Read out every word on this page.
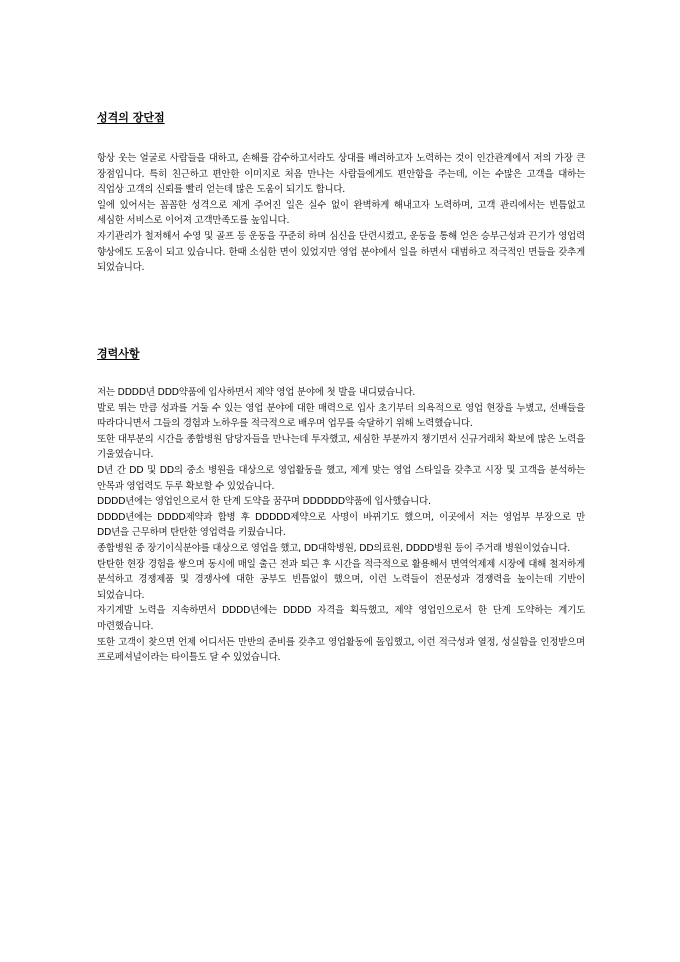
성격의 장단점

항상 웃는 얼굴로 사람들을 대하고, 손해를 감수하고서라도 상대를 배려하고자 노력하는 것이 인간관계에서 저의 가장 큰 장점입니다. 특히 친근하고 편안한 이미지로 처음 만나는 사람들에게도 편안함을 주는데, 이는 수많은 고객을 대하는 직업상 고객의 신뢰를 빨리 얻는데 많은 도움이 되기도 합니다.

일에 있어서는 꼼꼼한 성격으로 제게 주어진 일은 실수 없이 완벽하게 해내고자 노력하며, 고객 관리에서는 빈틈없고 세심한 서비스로 이어져 고객만족도를 높입니다.

자기관리가 철저해서 수영 및 골프 등 운동을 꾸준히 하며 심신을 단련시켰고, 운동을 통해 얻은 승부근성과 끈기가 영업력 향상에도 도움이 되고 있습니다. 한때 소심한 면이 있었지만 영업 분야에서 일을 하면서 대범하고 적극적인 면들을 갖추게 되었습니다.

경력사항

저는 DDDD년 DDD약품에 입사하면서 제약 영업 분야에 첫 발을 내디뎠습니다.

발로 뛰는 만큼 성과를 거둘 수 있는 영업 분야에 대한 매력으로 입사 초기부터 의욕적으로 영업 현장을 누볐고, 선배들을 따라다니면서 그들의 경험과 노하우를 적극적으로 배우며 업무를 숙달하기 위해 노력했습니다.

또한 대부분의 시간을 종합병원 담당자들을 만나는데 투자했고, 세심한 부분까지 챙기면서 신규거래처 확보에 많은 노력을 기울였습니다.

D년 간 DD 및 DD의 중소 병원을 대상으로 영업활동을 했고, 제게 맞는 영업 스타일을 갖추고 시장 및 고객을 분석하는 안목과 영업력도 두루 확보할 수 있었습니다.

DDDD년에는 영업인으로서 한 단계 도약을 꿈꾸며 DDDDDD약품에 입사했습니다.

DDDD년에는 DDDD제약과 합병 후 DDDDD제약으로 사명이 바뀌기도 했으며, 이곳에서 저는 영업부 부장으로 만 DD년을 근무하며 탄탄한 영업력을 키웠습니다.

종합병원 중 장기이식분야를 대상으로 영업을 했고, DD대학병원, DD의료원, DDDD병원 등이 주거래 병원이었습니다.

탄탄한 현장 경험을 쌓으며 동시에 매일 출근 전과 퇴근 후 시간을 적극적으로 활용해서 면역억제제 시장에 대해 철저하게 분석하고 경쟁제품 및 경쟁사에 대한 공부도 빈틈없이 했으며, 이런 노력들이 전문성과 경쟁력을 높이는데 기반이 되었습니다.

자기계발 노력을 지속하면서 DDDD년에는 DDDD 자격을 획득했고, 제약 영업인으로서 한 단계 도약하는 계기도 마련했습니다.

또한 고객이 찾으면 언제 어디서든 만반의 준비를 갖추고 영업활동에 돌입했고, 이런 적극성과 열정, 성실함을 인정받으며 프로페셔널이라는 타이틀도 달 수 있었습니다.
